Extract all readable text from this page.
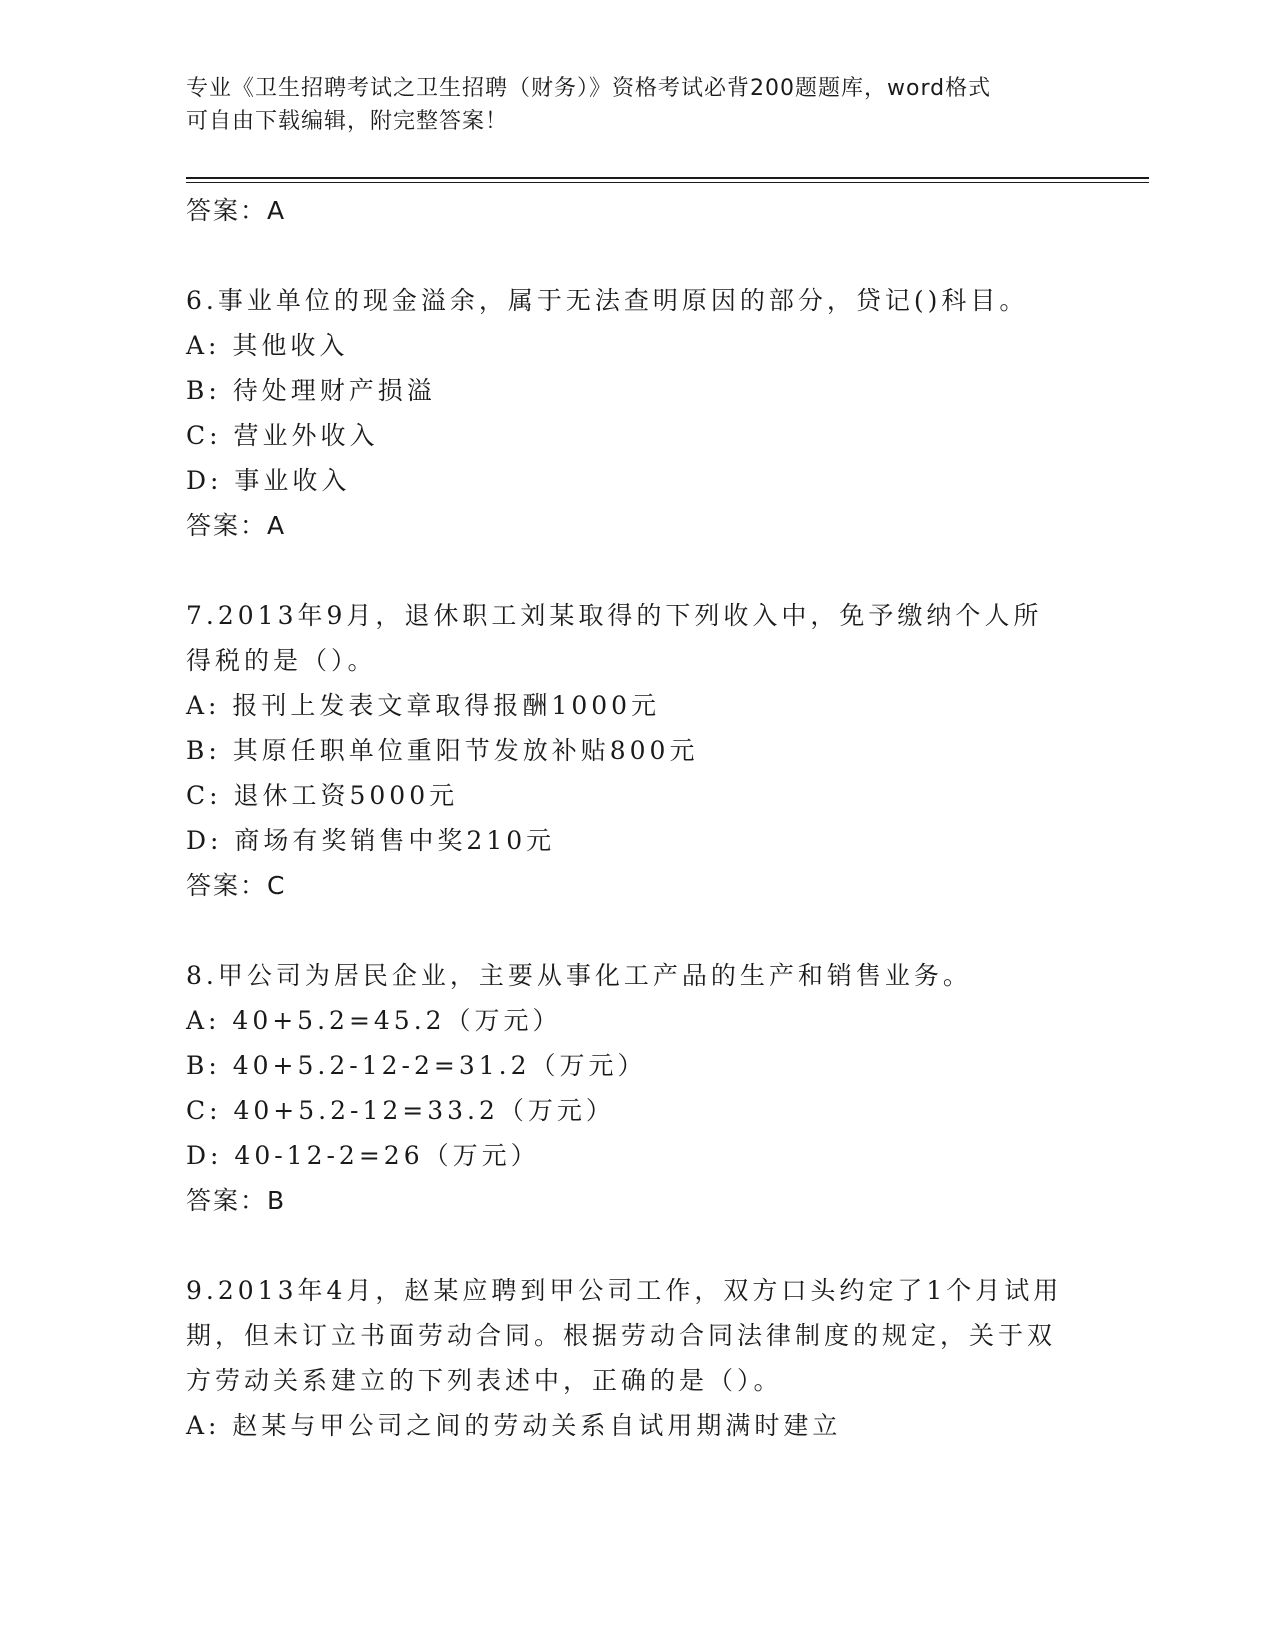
专业《卫生招聘考试之卫生招聘（财务）》资格考试必背200题题库，word格式
可自由下载编辑，附完整答案！
答案：A
6.事业单位的现金溢余，属于无法查明原因的部分，贷记()科目。
A: 其他收入
B: 待处理财产损溢
C: 营业外收入
D: 事业收入
答案：A
7.2013年9月，退休职工刘某取得的下列收入中，免予缴纳个人所得税的是（）。
A: 报刊上发表文章取得报酬1000元
B: 其原任职单位重阳节发放补贴800元
C: 退休工资5000元
D: 商场有奖销售中奖210元
答案：C
8.甲公司为居民企业，主要从事化工产品的生产和销售业务。
A: 40+5.2=45.2（万元）
B: 40+5.2-12-2=31.2（万元）
C: 40+5.2-12=33.2（万元）
D: 40-12-2=26（万元）
答案：B
9.2013年4月，赵某应聘到甲公司工作，双方口头约定了1个月试用期，但未订立书面劳动合同。根据劳动合同法律制度的规定，关于双方劳动关系建立的下列表述中，正确的是（）。
A: 赵某与甲公司之间的劳动关系自试用期满时建立
